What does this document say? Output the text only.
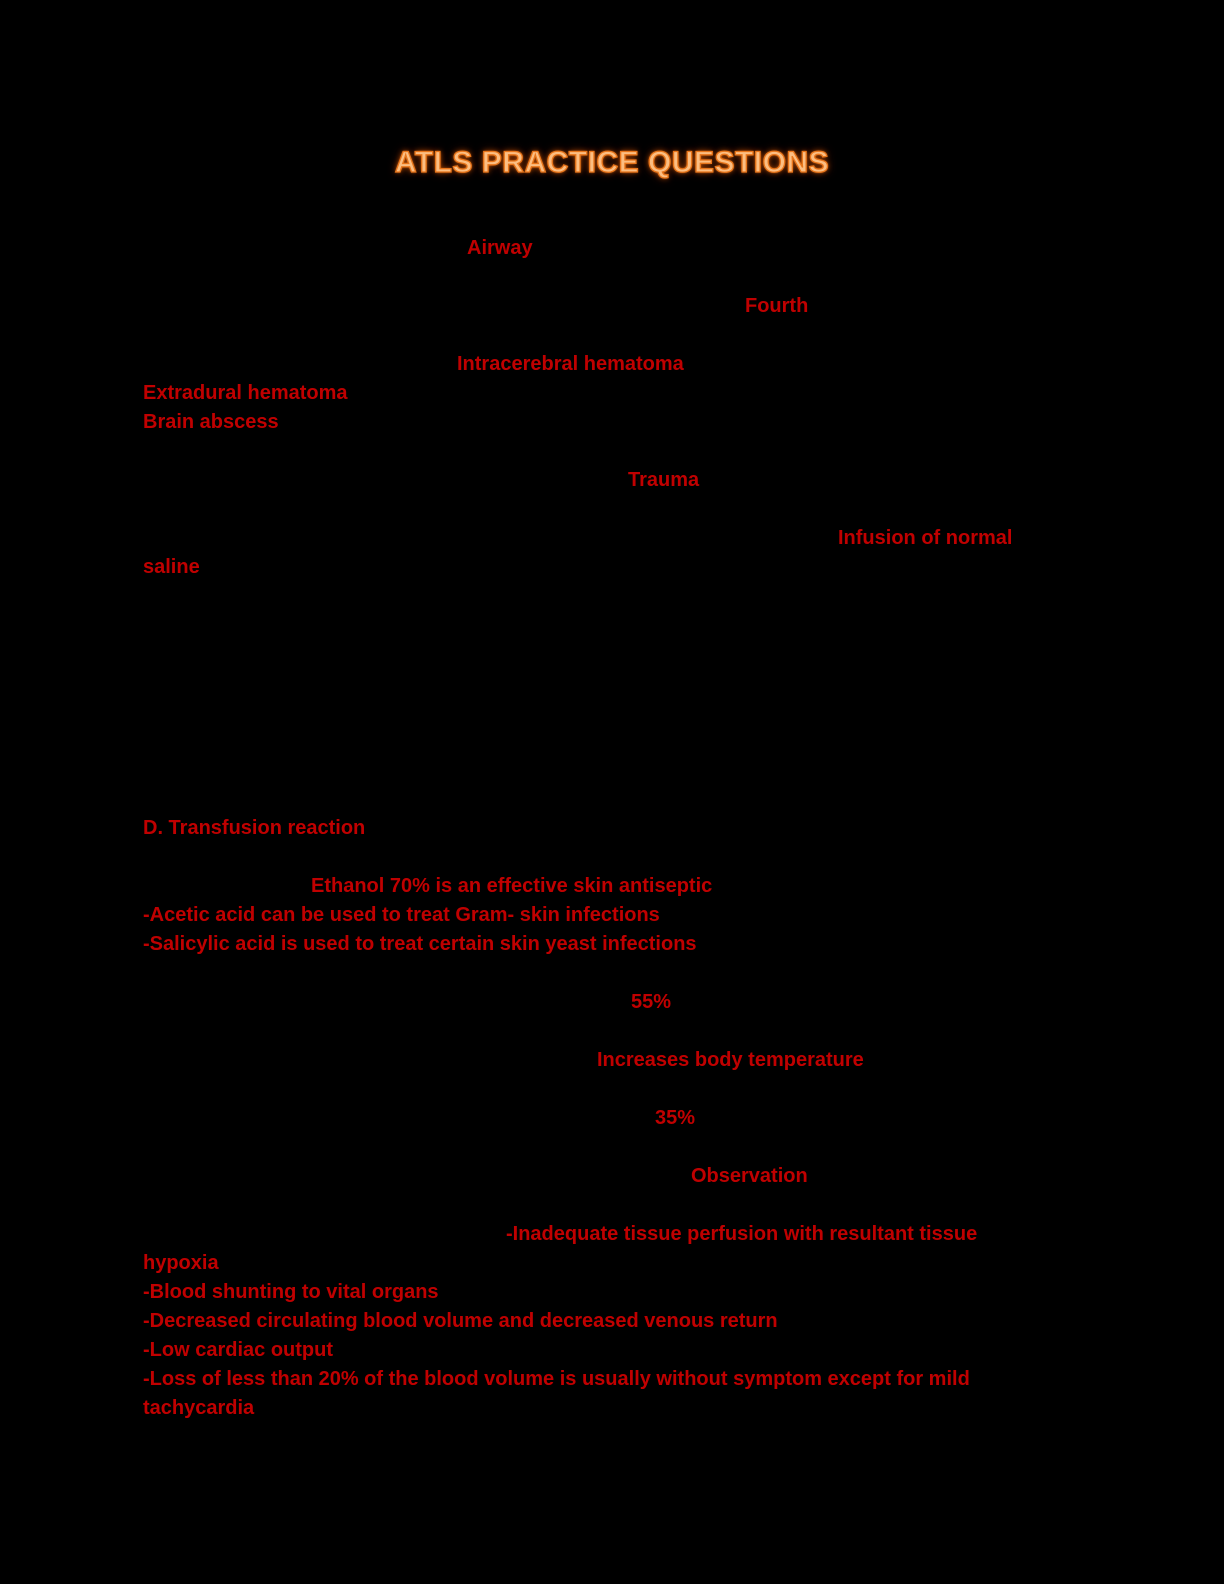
ATLS PRACTICE QUESTIONS
Airway
Fourth
Intracerebral hematoma
Extradural hematoma
Brain abscess
Trauma
Infusion of normal
saline
D. Transfusion reaction
Ethanol 70% is an effective skin antiseptic
-Acetic acid can be used to treat Gram- skin infections
-Salicylic acid is used to treat certain skin yeast infections
55%
Increases body temperature
35%
Observation
-Inadequate tissue perfusion with resultant tissue
hypoxia
-Blood shunting to vital organs
-Decreased circulating blood volume and decreased venous return
-Low cardiac output
-Loss of less than 20% of the blood volume is usually without symptom except for mild
tachycardia
